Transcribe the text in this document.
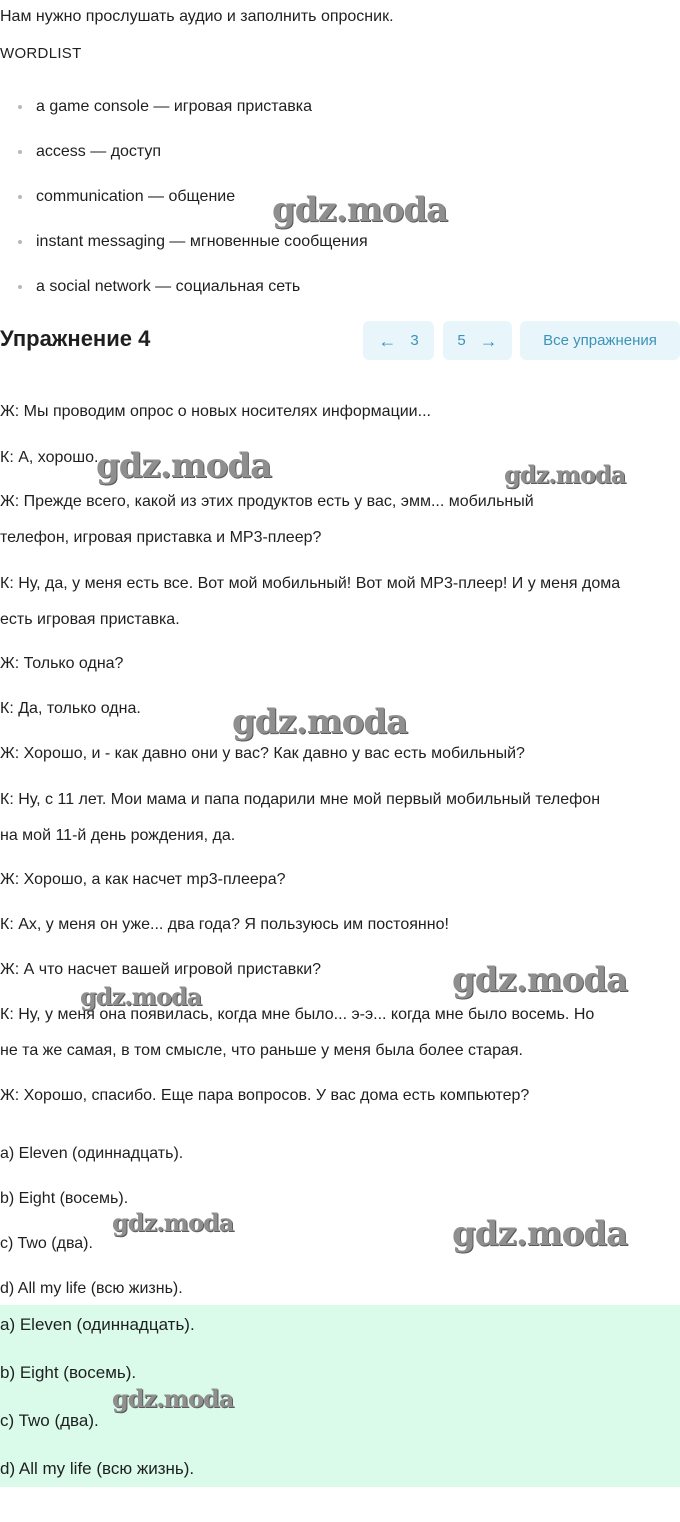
Нам нужно прослушать аудио и заполнить опросник.

WORDLIST

a game console — игровая приставка
access — доступ
communication — общение
instant messaging — мгновенные сообщения
a social network — социальная сеть
Упражнение 4	← 3	5 →	Все упражнения

Ж: Мы проводим опрос о новых носителях информации...

К: А, хорошо.

Ж: Прежде всего, какой из этих продуктов есть у вас, эмм... мобильный
телефон, игровая приставка и MP3-плеер?

К: Ну, да, у меня есть все. Вот мой мобильный! Вот мой MP3-плеер! И у меня дома
есть игровая приставка.

Ж: Только одна?

К: Да, только одна.

Ж: Хорошо, и - как давно они у вас? Как давно у вас есть мобильный?

К: Ну, с 11 лет. Мои мама и папа подарили мне мой первый мобильный телефон
на мой 11-й день рождения, да.

Ж: Хорошо, а как насчет mp3-плеера?

К: Ах, у меня он уже... два года? Я пользуюсь им постоянно!

Ж: А что насчет вашей игровой приставки?

К: Ну, у меня она появилась, когда мне было... э-э... когда мне было восемь. Но
не та же самая, в том смысле, что раньше у меня была более старая.

Ж: Хорошо, спасибо. Еще пара вопросов. У вас дома есть компьютер?

a) Eleven (одиннадцать).

b) Eight (восемь).

c) Two (два).

d) All my life (всю жизнь).

a) Eleven (одиннадцать).

b) Eight (восемь).

c) Two (два).

d) All my life (всю жизнь).

gdz.moda
gdz.moda	gdz.moda
gdz.moda
gdz.moda
gdz.moda
gdz.moda	gdz.moda
gdz.moda
